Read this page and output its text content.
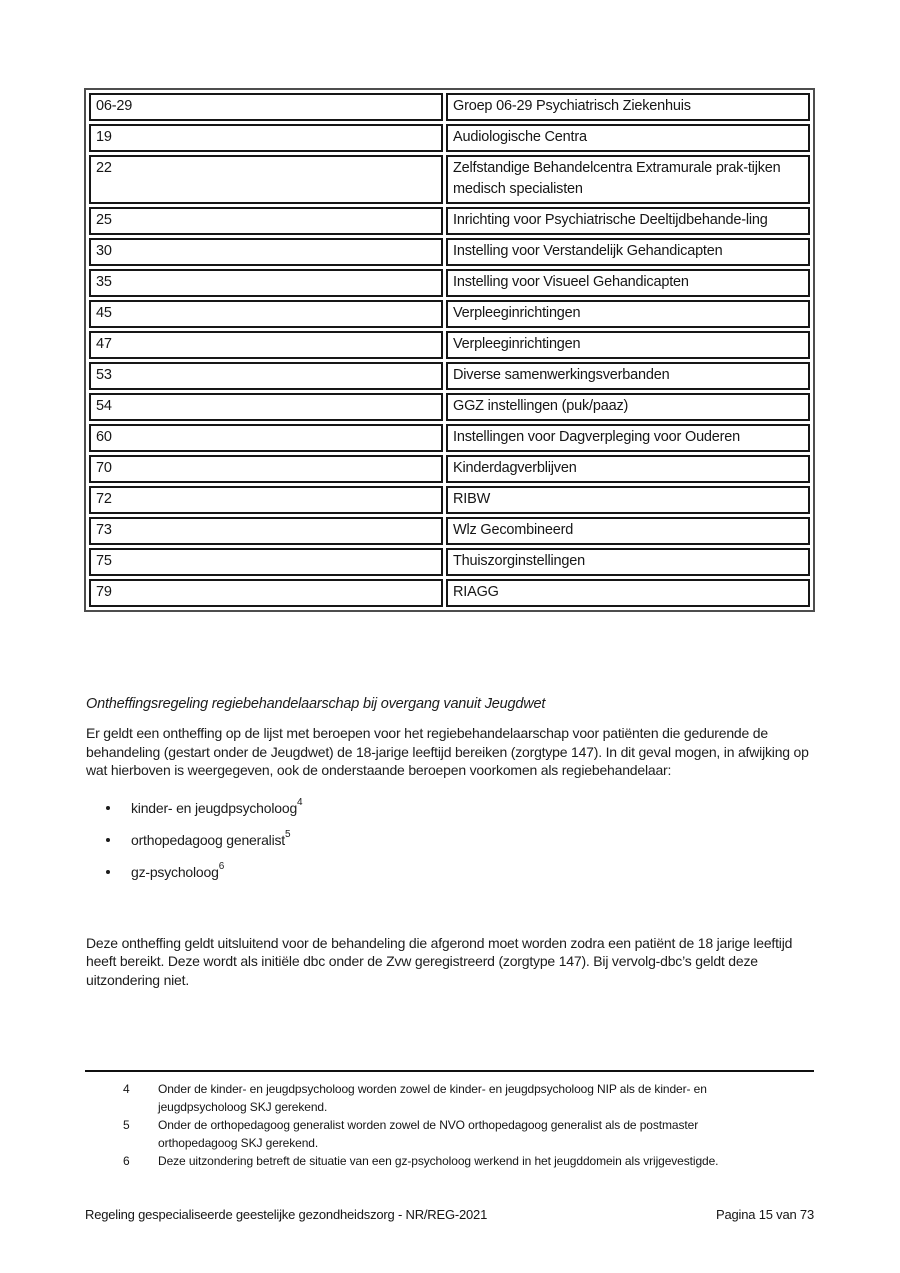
06-29	Groep 06-29 Psychiatrisch Ziekenhuis
19	Audiologische Centra
22	Zelfstandige Behandelcentra Extramurale prak-tijken medisch specialisten
25	Inrichting voor Psychiatrische Deeltijdbehande-ling
30	Instelling voor Verstandelijk Gehandicapten
35	Instelling voor Visueel Gehandicapten
45	Verpleeginrichtingen
47	Verpleeginrichtingen
53	Diverse samenwerkingsverbanden
54	GGZ instellingen (puk/paaz)
60	Instellingen voor Dagverpleging voor Ouderen
70	Kinderdagverblijven
72	RIBW
73	Wlz Gecombineerd
75	Thuiszorginstellingen
79	RIAGG
Ontheffingsregeling regiebehandelaarschap bij overgang vanuit Jeugdwet

Er geldt een ontheffing op de lijst met beroepen voor het regiebehandelaarschap voor patiënten die gedurende de behandeling (gestart onder de Jeugdwet) de 18-jarige leeftijd bereiken (zorgtype 147). In dit geval mogen, in afwijking op wat hierboven is weergegeven, ook de onderstaande beroepen voorkomen als regiebehandelaar:

kinder- en jeugdpsycholoog$^4$
orthopedagoog generalist$^5$
gz-psycholoog$^6$

Deze ontheffing geldt uitsluitend voor de behandeling die afgerond moet worden zodra een patiënt de 18 jarige leeftijd heeft bereikt. Deze wordt als initiële dbc onder de Zvw geregistreerd (zorgtype 147). Bij vervolg-dbc’s geldt deze uitzondering niet.

4	Onder de kinder- en jeugdpsycholoog worden zowel de kinder- en jeugdpsycholoog NIP als de kinder- en jeugdpsycholoog SKJ gerekend.
5	Onder de orthopedagoog generalist worden zowel de NVO orthopedagoog generalist als de postmaster orthopedagoog SKJ gerekend.
6	Deze uitzondering betreft de situatie van een gz-psycholoog werkend in het jeugddomein als vrijgevestigde.
Regeling gespecialiseerde geestelijke gezondheidszorg - NR/REG-2021	Pagina 15 van 73
